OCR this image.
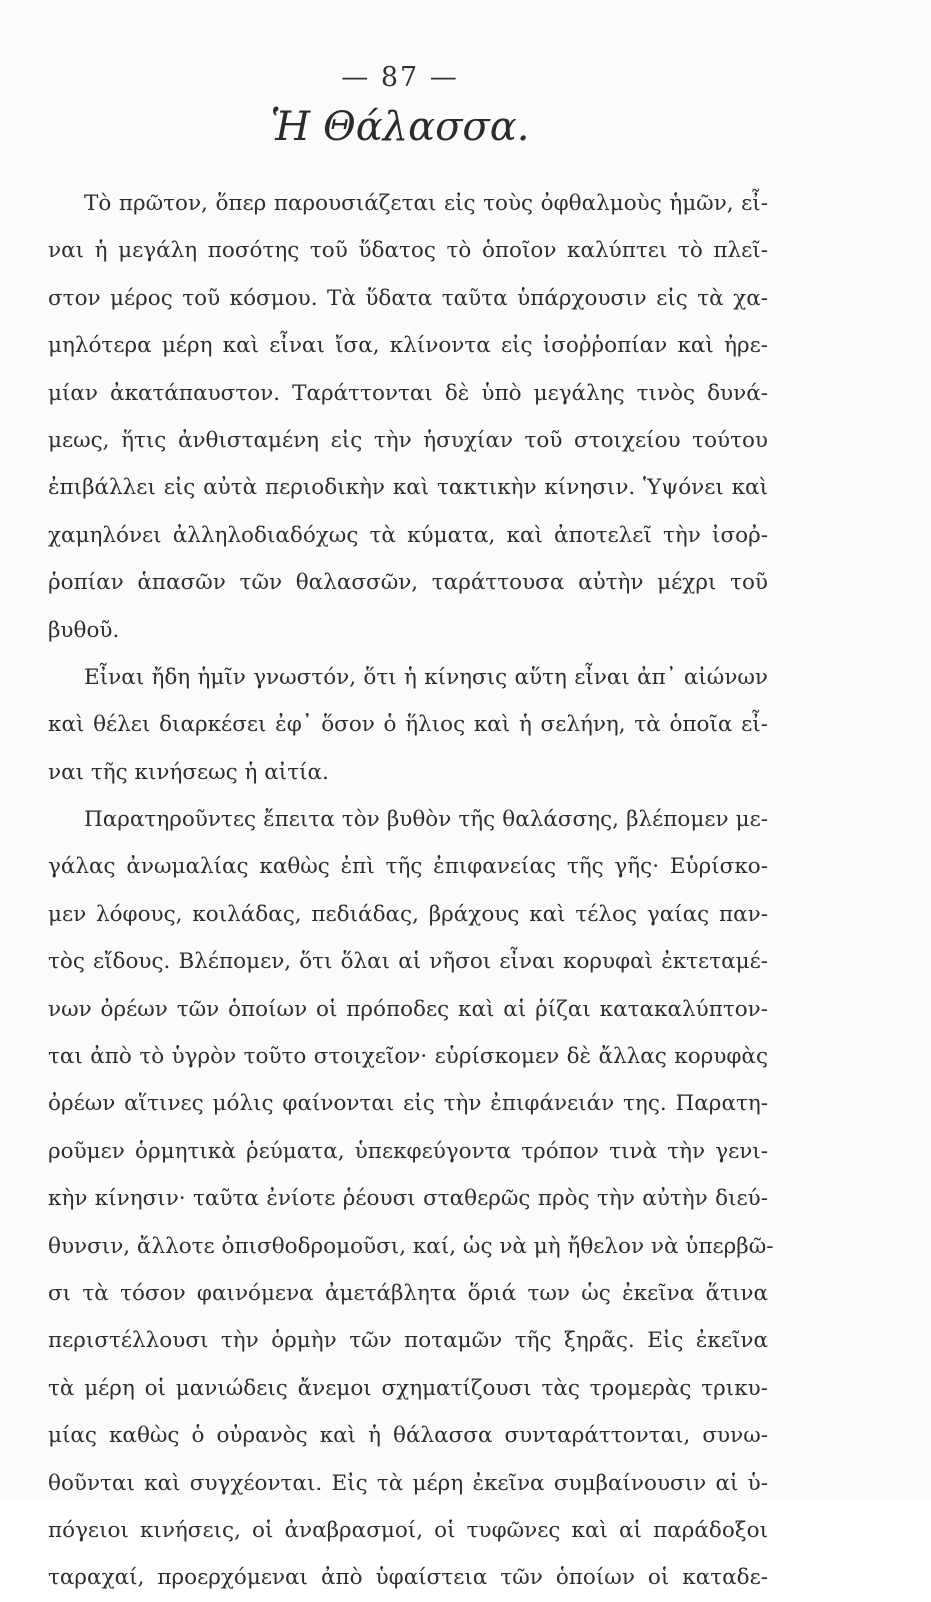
— 87 —
Ἡ Θάλασσα.

Τὸ πρῶτον, ὅπερ παρουσιάζεται εἰς τοὺς ὀφθαλμοὺς ἡμῶν, εἶ-
ναι ἡ μεγάλη ποσότης τοῦ ὕδατος τὸ ὁποῖον καλύπτει τὸ πλεῖ-
στον μέρος τοῦ κόσμου. Τὰ ὕδατα ταῦτα ὑπάρχουσιν εἰς τὰ χα-
μηλότερα μέρη καὶ εἶναι ἴσα, κλίνοντα εἰς ἰσοῤῥοπίαν καὶ ἠρε-
μίαν ἀκατάπαυστον. Ταράττονται δὲ ὑπὸ μεγάλης τινὸς δυνά-
μεως, ἥτις ἀνθισταμένη εἰς τὴν ἡσυχίαν τοῦ στοιχείου τούτου
ἐπιβάλλει εἰς αὐτὰ περιοδικὴν καὶ τακτικὴν κίνησιν. Ὑψόνει καὶ
χαμηλόνει ἀλληλοδιαδόχως τὰ κύματα, καὶ ἀποτελεῖ τὴν ἰσοῤ-
ῥοπίαν ἁπασῶν τῶν θαλασσῶν, ταράττουσα αὐτὴν μέχρι τοῦ
βυθοῦ.

Εἶναι ἤδη ἡμῖν γνωστόν, ὅτι ἡ κίνησις αὕτη εἶναι ἀπ᾽ αἰώνων
καὶ θέλει διαρκέσει ἐφ᾽ ὅσον ὁ ἥλιος καὶ ἡ σελήνη, τὰ ὁποῖα εἶ-
ναι τῆς κινήσεως ἡ αἰτία.

Παρατηροῦντες ἔπειτα τὸν βυθὸν τῆς θαλάσσης, βλέπομεν με-
γάλας ἀνωμαλίας καθὼς ἐπὶ τῆς ἐπιφανείας τῆς γῆς· Εὑρίσκο-
μεν λόφους, κοιλάδας, πεδιάδας, βράχους καὶ τέλος γαίας παν-
τὸς εἴδους. Βλέπομεν, ὅτι ὅλαι αἱ νῆσοι εἶναι κορυφαὶ ἐκτεταμέ-
νων ὀρέων τῶν ὁποίων οἱ πρόποδες καὶ αἱ ῥίζαι κατακαλύπτον-
ται ἀπὸ τὸ ὑγρὸν τοῦτο στοιχεῖον· εὑρίσκομεν δὲ ἄλλας κορυφὰς
ὀρέων αἵτινες μόλις φαίνονται εἰς τὴν ἐπιφάνειάν της. Παρατη-
ροῦμεν ὁρμητικὰ ῥεύματα, ὑπεκφεύγοντα τρόπον τινὰ τὴν γενι-
κὴν κίνησιν· ταῦτα ἐνίοτε ῥέουσι σταθερῶς πρὸς τὴν αὐτὴν διεύ-
θυνσιν, ἄλλοτε ὀπισθοδρομοῦσι, καί, ὡς νὰ μὴ ἤθελον νὰ ὑπερβῶ-
σι τὰ τόσον φαινόμενα ἀμετάβλητα ὅριά των ὡς ἐκεῖνα ἅτινα
περιστέλλουσι τὴν ὁρμὴν τῶν ποταμῶν τῆς ξηρᾶς. Εἰς ἐκεῖνα
τὰ μέρη οἱ μανιώδεις ἄνεμοι σχηματίζουσι τὰς τρομερὰς τρικυ-
μίας καθὼς ὁ οὐρανὸς καὶ ἡ θάλασσα συνταράττονται, συνω-
θοῦνται καὶ συγχέονται. Εἰς τὰ μέρη ἐκεῖνα συμβαίνουσιν αἱ ὑ-
πόγειοι κινήσεις, οἱ ἀναβρασμοί, οἱ τυφῶνες καὶ αἱ παράδοξοι
ταραχαί, προερχόμεναι ἀπὸ ὑφαίστεια τῶν ὁποίων οἱ καταδε-
